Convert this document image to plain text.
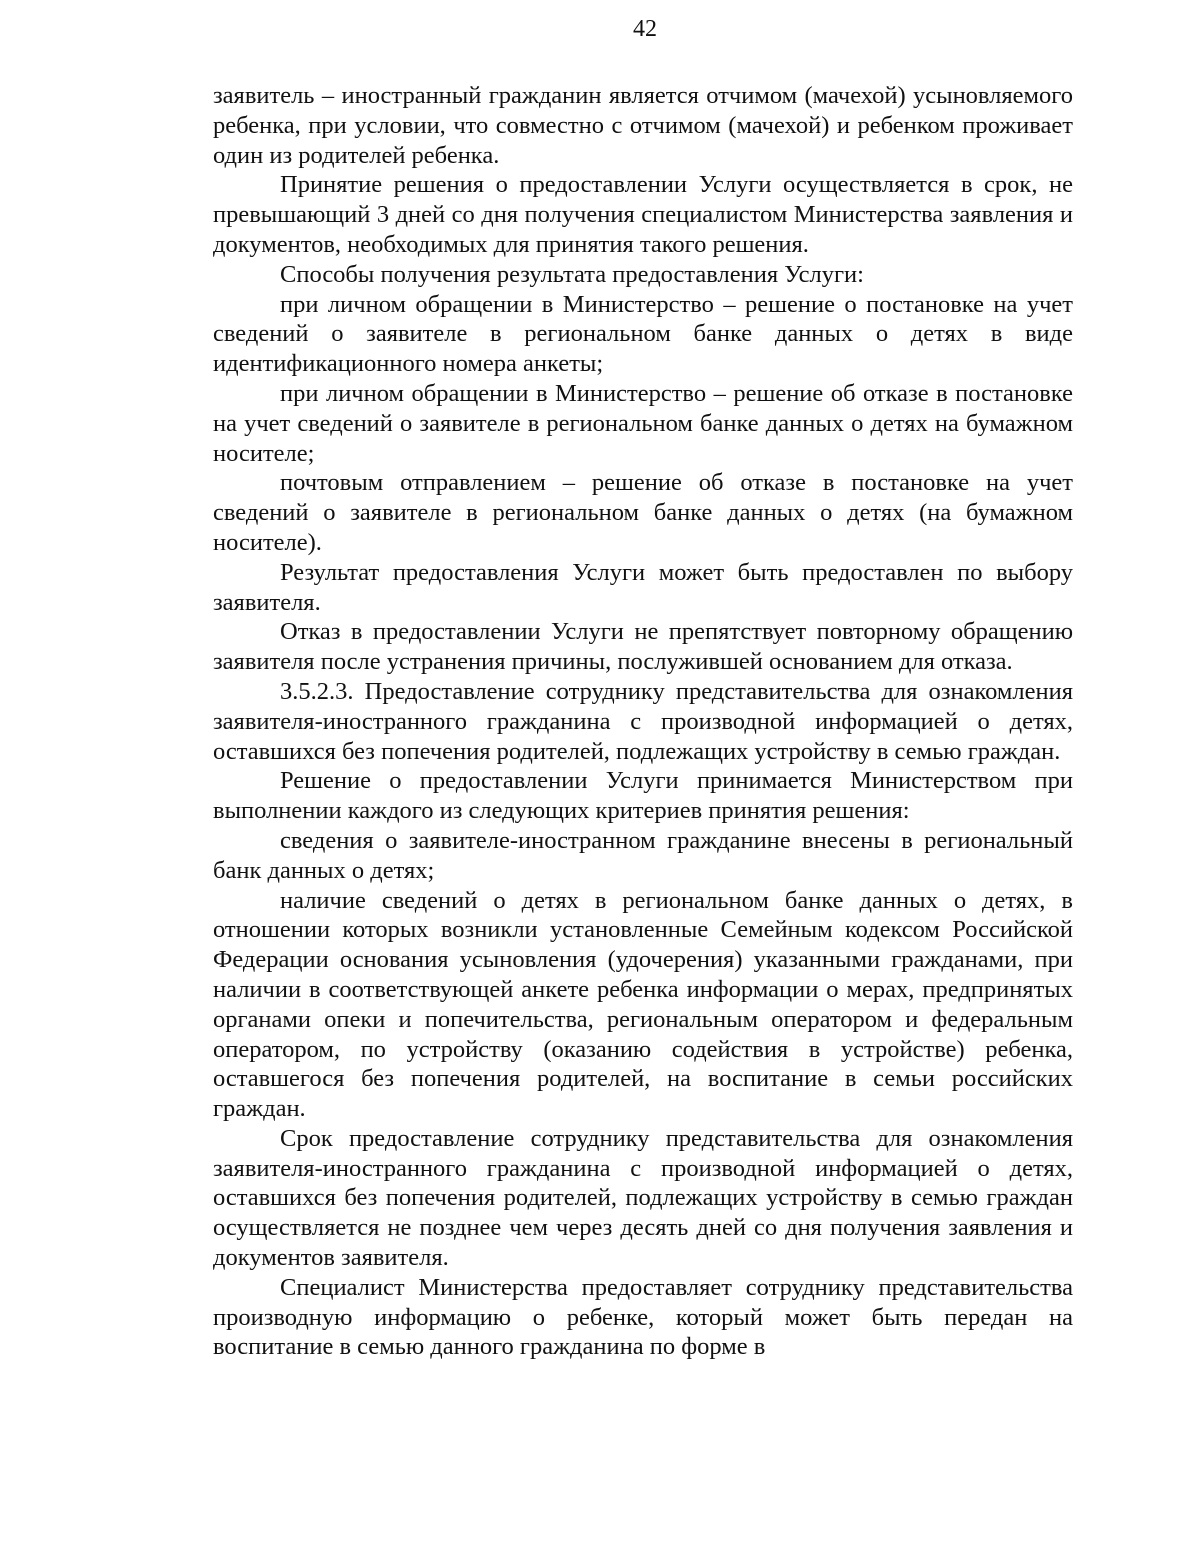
42

заявитель – иностранный гражданин является отчимом (мачехой) усыновляемого ребенка, при условии, что совместно с отчимом (мачехой) и ребенком проживает один из родителей ребенка.

Принятие решения о предоставлении Услуги осуществляется в срок, не превышающий 3 дней со дня получения специалистом Министерства заявления и документов, необходимых для принятия такого решения.

Способы получения результата предоставления Услуги:

при личном обращении в Министерство – решение о постановке на учет сведений о заявителе в региональном банке данных о детях в виде идентификационного номера анкеты;

при личном обращении в Министерство – решение об отказе в постановке на учет сведений о заявителе в региональном банке данных о детях на бумажном носителе;

почтовым отправлением – решение об отказе в постановке на учет сведений о заявителе в региональном банке данных о детях (на бумажном носителе).

Результат предоставления Услуги может быть предоставлен по выбору заявителя.

Отказ в предоставлении Услуги не препятствует повторному обращению заявителя после устранения причины, послужившей основанием для отказа.

3.5.2.3. Предоставление сотруднику представительства для ознакомления заявителя-иностранного гражданина с производной информацией о детях, оставшихся без попечения родителей, подлежащих устройству в семью граждан.

Решение о предоставлении Услуги принимается Министерством при выполнении каждого из следующих критериев принятия решения:

сведения о заявителе-иностранном гражданине внесены в региональный банк данных о детях;

наличие сведений о детях в региональном банке данных о детях, в отношении которых возникли установленные Семейным кодексом Российской Федерации основания усыновления (удочерения) указанными гражданами, при наличии в соответствующей анкете ребенка информации о мерах, предпринятых органами опеки и попечительства, региональным оператором и федеральным оператором, по устройству (оказанию содействия в устройстве) ребенка, оставшегося без попечения родителей, на воспитание в семьи российских граждан.

Срок предоставление сотруднику представительства для ознакомления заявителя-иностранного гражданина с производной информацией о детях, оставшихся без попечения родителей, подлежащих устройству в семью граждан осуществляется не позднее чем через десять дней со дня получения заявления и документов заявителя.

Специалист Министерства предоставляет сотруднику представительства производную информацию о ребенке, который может быть передан на воспитание в семью данного гражданина по форме в
